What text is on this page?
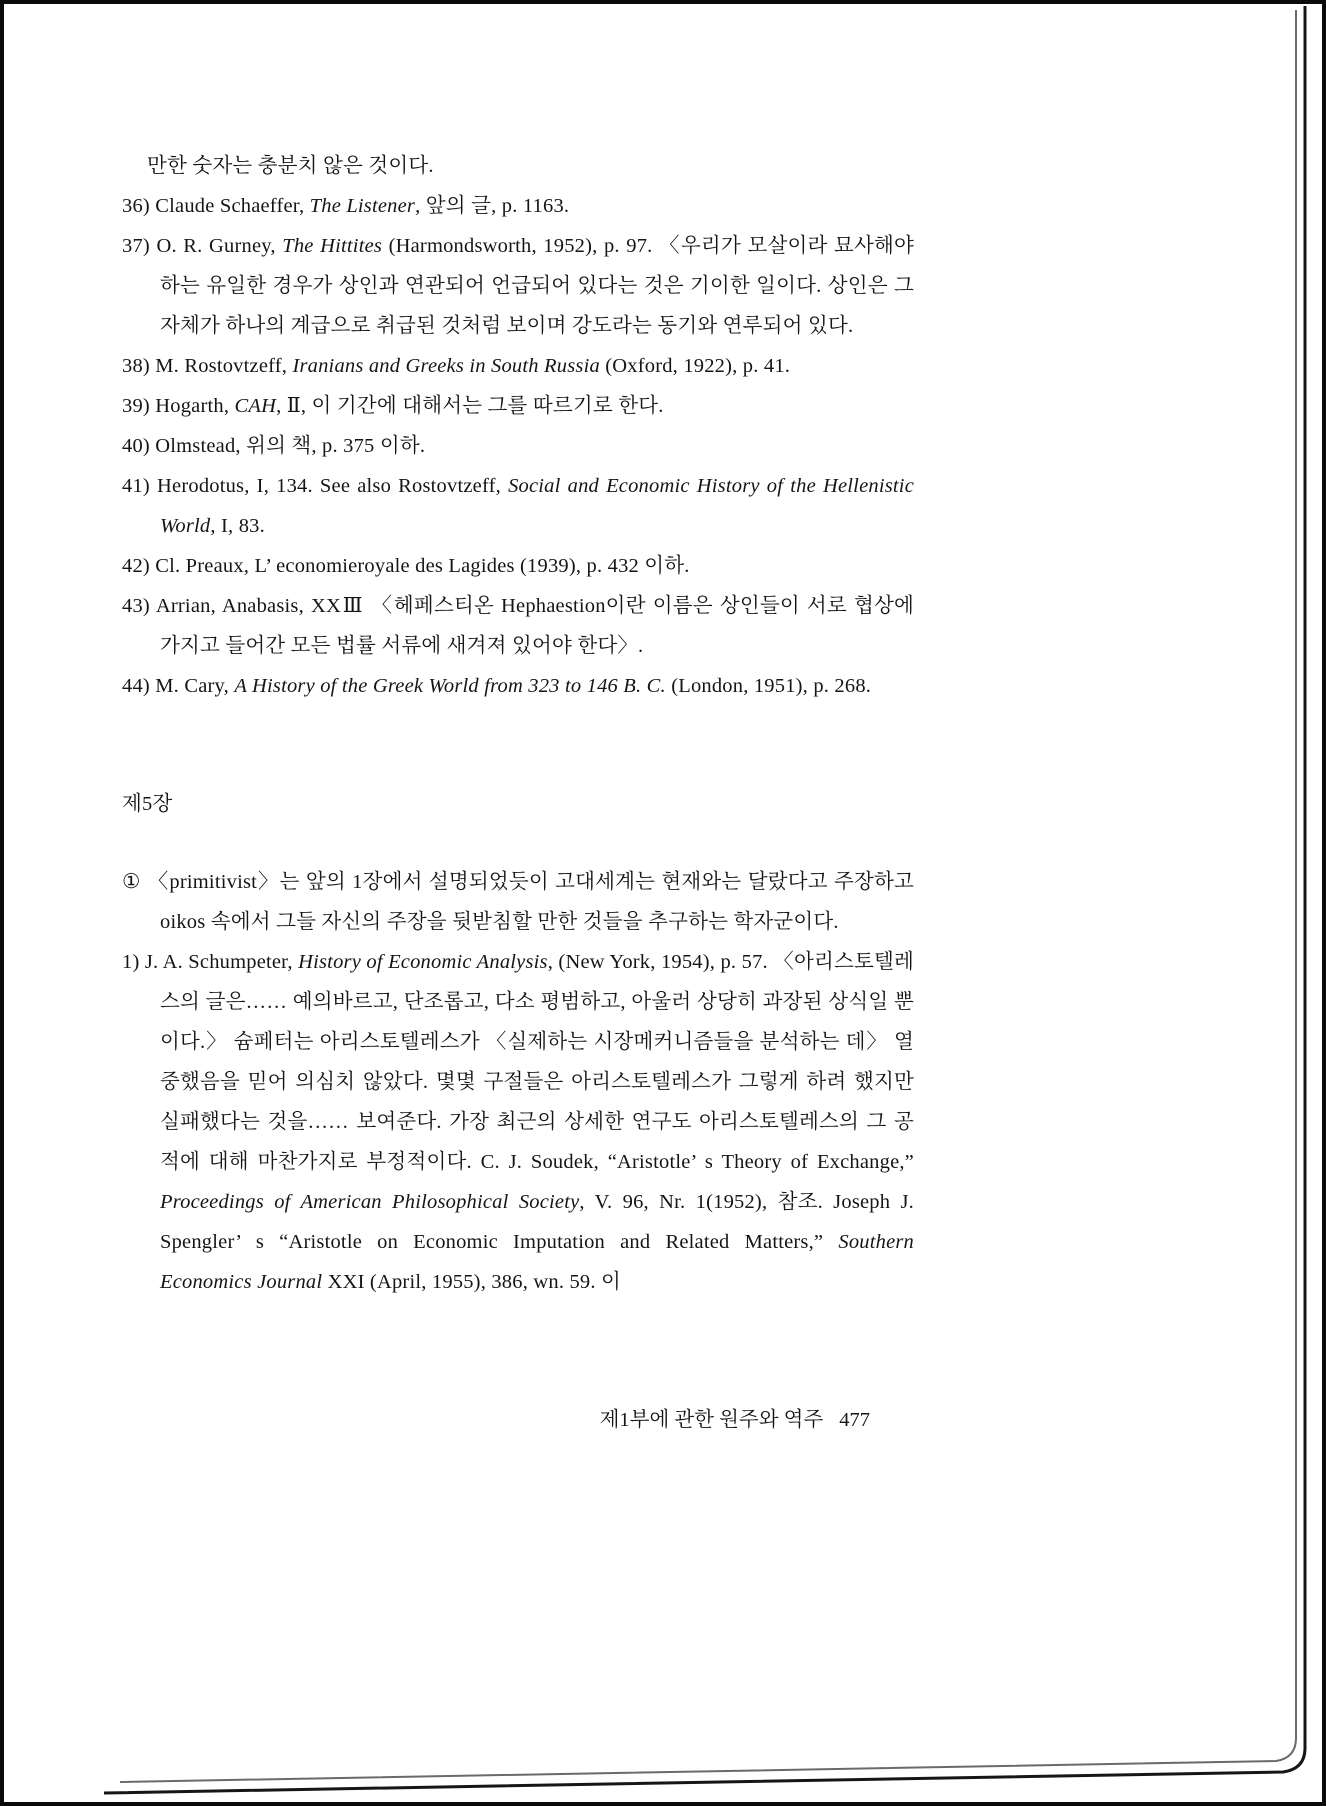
만한 숫자는 충분치 않은 것이다.
36) Claude Schaeffer, The Listener, 앞의 글, p. 1163.
37) O. R. Gurney, The Hittites (Harmondsworth, 1952), p. 97. 〈우리가 모살이라 묘사해야 하는 유일한 경우가 상인과 연관되어 언급되어 있다는 것은 기이한 일이다. 상인은 그 자체가 하나의 계급으로 취급된 것처럼 보이며 강도라는 동기와 연루되어 있다.
38) M. Rostovtzeff, Iranians and Greeks in South Russia (Oxford, 1922), p. 41.
39) Hogarth, CAH, Ⅱ, 이 기간에 대해서는 그를 따르기로 한다.
40) Olmstead, 위의 책, p. 375 이하.
41) Herodotus, I, 134. See also Rostovtzeff, Social and Economic History of the Hellenistic World, I, 83.
42) Cl. Preaux, L’ economieroyale des Lagides (1939), p. 432 이하.
43) Arrian, Anabasis, XXⅢ 〈헤페스티온 Hephaestion이란 이름은 상인들이 서로 협상에 가지고 들어간 모든 법률 서류에 새겨져 있어야 한다〉.
44) M. Cary, A History of the Greek World from 323 to 146 B. C. (London, 1951), p. 268.
제5장
① 〈primitivist〉는 앞의 1장에서 설명되었듯이 고대세계는 현재와는 달랐다고 주장하고 oikos 속에서 그들 자신의 주장을 뒷받침할 만한 것들을 추구하는 학자군이다.
1) J. A. Schumpeter, History of Economic Analysis, (New York, 1954), p. 57. 〈아리스토텔레스의 글은…… 예의바르고, 단조롭고, 다소 평범하고, 아울러 상당히 과장된 상식일 뿐이다.〉 슘페터는 아리스토텔레스가 〈실제하는 시장메커니즘들을 분석하는 데〉 열중했음을 믿어 의심치 않았다. 몇몇 구절들은 아리스토텔레스가 그렇게 하려 했지만 실패했다는 것을…… 보여준다. 가장 최근의 상세한 연구도 아리스토텔레스의 그 공적에 대해 마찬가지로 부정적이다. C. J. Soudek, “Aristotle’ s Theory of Exchange,” Proceedings of American Philosophical Society, V. 96, Nr. 1(1952), 참조. Joseph J. Spengler’ s “Aristotle on Economic Imputation and Related Matters,” Southern Economics Journal XXI (April, 1955), 386, wn. 59. 이
제1부에 관한 원주와 역주 477
